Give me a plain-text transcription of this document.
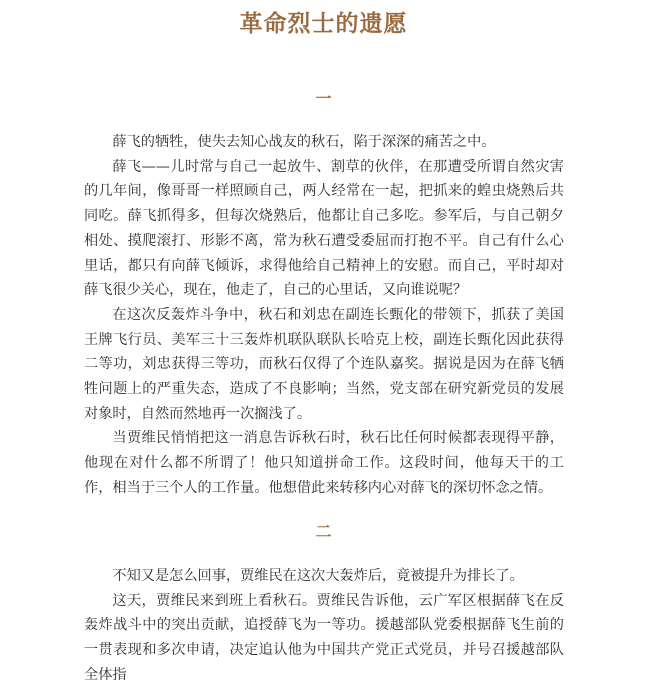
革命烈士的遗愿
一

薛飞的牺牲，使失去知心战友的秋石，陷于深深的痛苦之中。

薛飞——儿时常与自己一起放牛、割草的伙伴，在那遭受所谓自然灾害的几年间，像哥哥一样照顾自己，两人经常在一起，把抓来的蝗虫烧熟后共同吃。薛飞抓得多，但每次烧熟后，他都让自己多吃。参军后，与自己朝夕相处、摸爬滚打、形影不离，常为秋石遭受委屈而打抱不平。自己有什么心里话，都只有向薛飞倾诉，求得他给自己精神上的安慰。而自己，平时却对薛飞很少关心，现在，他走了，自己的心里话，又向谁说呢？

在这次反轰炸斗争中，秋石和刘忠在副连长甄化的带领下，抓获了美国王牌飞行员、美军三十三轰炸机联队联队长哈克上校，副连长甄化因此获得二等功，刘忠获得三等功，而秋石仅得了个连队嘉奖。据说是因为在薛飞牺牲问题上的严重失态，造成了不良影响；当然，党支部在研究新党员的发展对象时，自然而然地再一次搁浅了。

当贾维民悄悄把这一消息告诉秋石时，秋石比任何时候都表现得平静，他现在对什么都不所谓了！他只知道拼命工作。这段时间，他每天干的工作，相当于三个人的工作量。他想借此来转移内心对薛飞的深切怀念之情。

二

不知又是怎么回事，贾维民在这次大轰炸后，竟被提升为排长了。

这天，贾维民来到班上看秋石。贾维民告诉他，云广军区根据薛飞在反轰炸战斗中的突出贡献，追授薛飞为一等功。援越部队党委根据薛飞生前的一贯表现和多次申请，决定追认他为中国共产党正式党员，并号召援越部队全体指
